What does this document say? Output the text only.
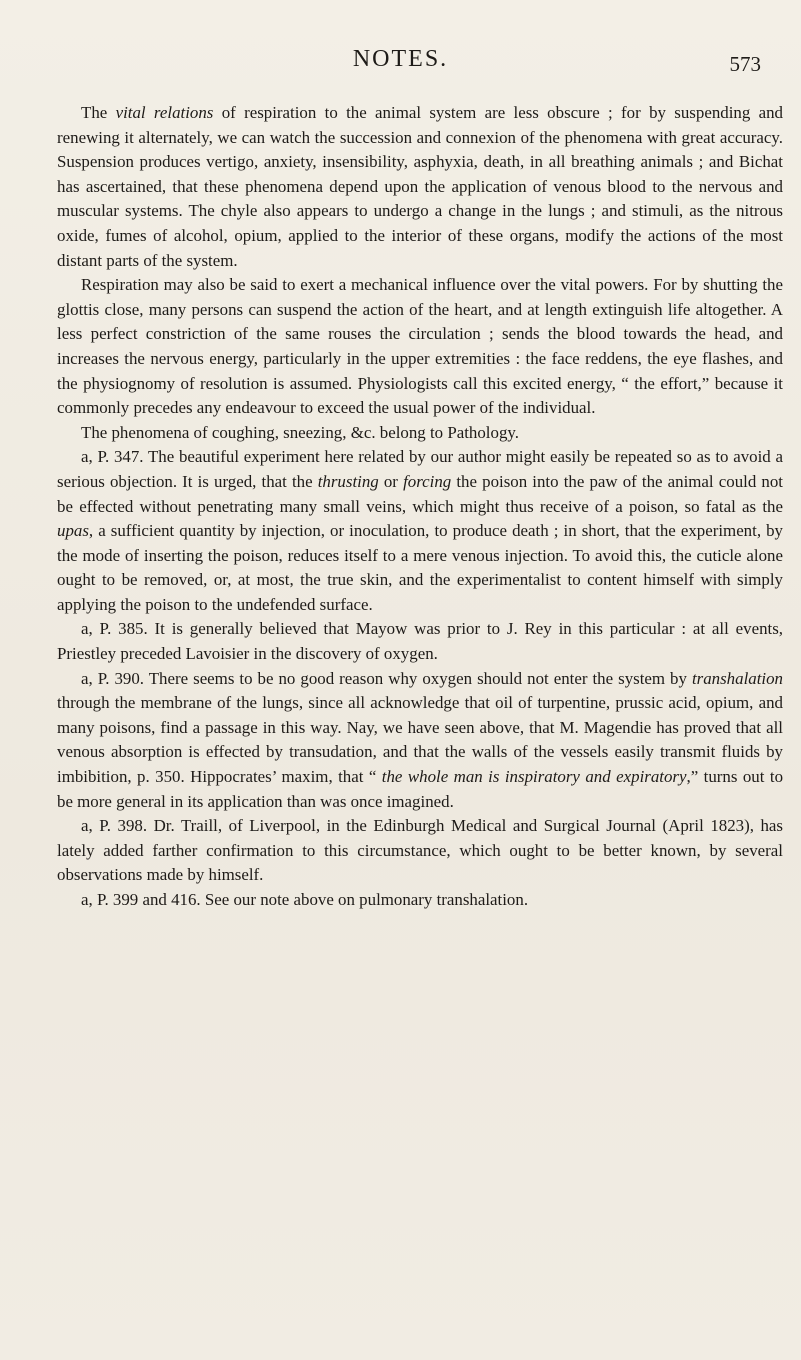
NOTES.	573

The vital relations of respiration to the animal system are less obscure ; for by suspending and renewing it alternately, we can watch the succession and connexion of the phenomena with great accuracy. Suspension produces vertigo, anxiety, insensibility, asphyxia, death, in all breathing animals ; and Bichat has ascertained, that these phenomena depend upon the application of venous blood to the nervous and muscular systems. The chyle also appears to undergo a change in the lungs ; and stimuli, as the nitrous oxide, fumes of alcohol, opium, applied to the interior of these organs, modify the actions of the most distant parts of the system.

Respiration may also be said to exert a mechanical influence over the vital powers. For by shutting the glottis close, many persons can suspend the action of the heart, and at length extinguish life altogether. A less perfect constriction of the same rouses the circulation ; sends the blood towards the head, and increases the nervous energy, particularly in the upper extremities : the face reddens, the eye flashes, and the physiognomy of resolution is assumed. Physiologists call this excited energy, “ the effort,” because it commonly precedes any endeavour to exceed the usual power of the individual.

The phenomena of coughing, sneezing, &c. belong to Pathology.

a, P. 347. The beautiful experiment here related by our author might easily be repeated so as to avoid a serious objection. It is urged, that the thrusting or forcing the poison into the paw of the animal could not be effected without penetrating many small veins, which might thus receive of a poison, so fatal as the upas, a sufficient quantity by injection, or inoculation, to produce death ; in short, that the experiment, by the mode of inserting the poison, reduces itself to a mere venous injection. To avoid this, the cuticle alone ought to be removed, or, at most, the true skin, and the experimentalist to content himself with simply applying the poison to the undefended surface.

a, P. 385. It is generally believed that Mayow was prior to J. Rey in this particular : at all events, Priestley preceded Lavoisier in the discovery of oxygen.

a, P. 390. There seems to be no good reason why oxygen should not enter the system by transhalation through the membrane of the lungs, since all acknowledge that oil of turpentine, prussic acid, opium, and many poisons, find a passage in this way. Nay, we have seen above, that M. Magendie has proved that all venous absorption is effected by transudation, and that the walls of the vessels easily transmit fluids by imbibition, p. 350. Hippocrates’ maxim, that “ the whole man is inspiratory and expiratory,” turns out to be more general in its application than was once imagined.

a, P. 398. Dr. Traill, of Liverpool, in the Edinburgh Medical and Surgical Journal (April 1823), has lately added farther confirmation to this circumstance, which ought to be better known, by several observations made by himself.

a, P. 399 and 416. See our note above on pulmonary transhalation.
